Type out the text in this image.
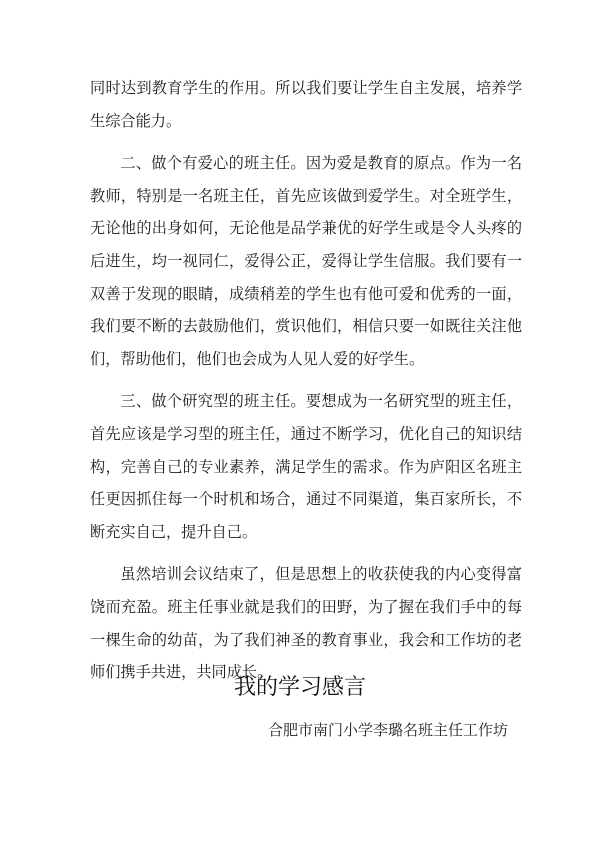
同时达到教育学生的作用。所以我们要让学生自主发展，培养学生综合能力。

二、做个有爱心的班主任。因为爱是教育的原点。作为一名教师，特别是一名班主任，首先应该做到爱学生。对全班学生，无论他的出身如何，无论他是品学兼优的好学生或是令人头疼的后进生，均一视同仁，爱得公正，爱得让学生信服。我们要有一双善于发现的眼睛，成绩稍差的学生也有他可爱和优秀的一面，我们要不断的去鼓励他们，赏识他们，相信只要一如既往关注他们，帮助他们，他们也会成为人见人爱的好学生。

三、做个研究型的班主任。要想成为一名研究型的班主任，首先应该是学习型的班主任，通过不断学习，优化自己的知识结构，完善自己的专业素养，满足学生的需求。作为庐阳区名班主任更因抓住每一个时机和场合，通过不同渠道，集百家所长，不断充实自己，提升自己。

虽然培训会议结束了，但是思想上的收获使我的内心变得富饶而充盈。班主任事业就是我们的田野，为了握在我们手中的每一棵生命的幼苗，为了我们神圣的教育事业，我会和工作坊的老师们携手共进，共同成长。

我的学习感言
合肥市南门小学李璐名班主任工作坊
